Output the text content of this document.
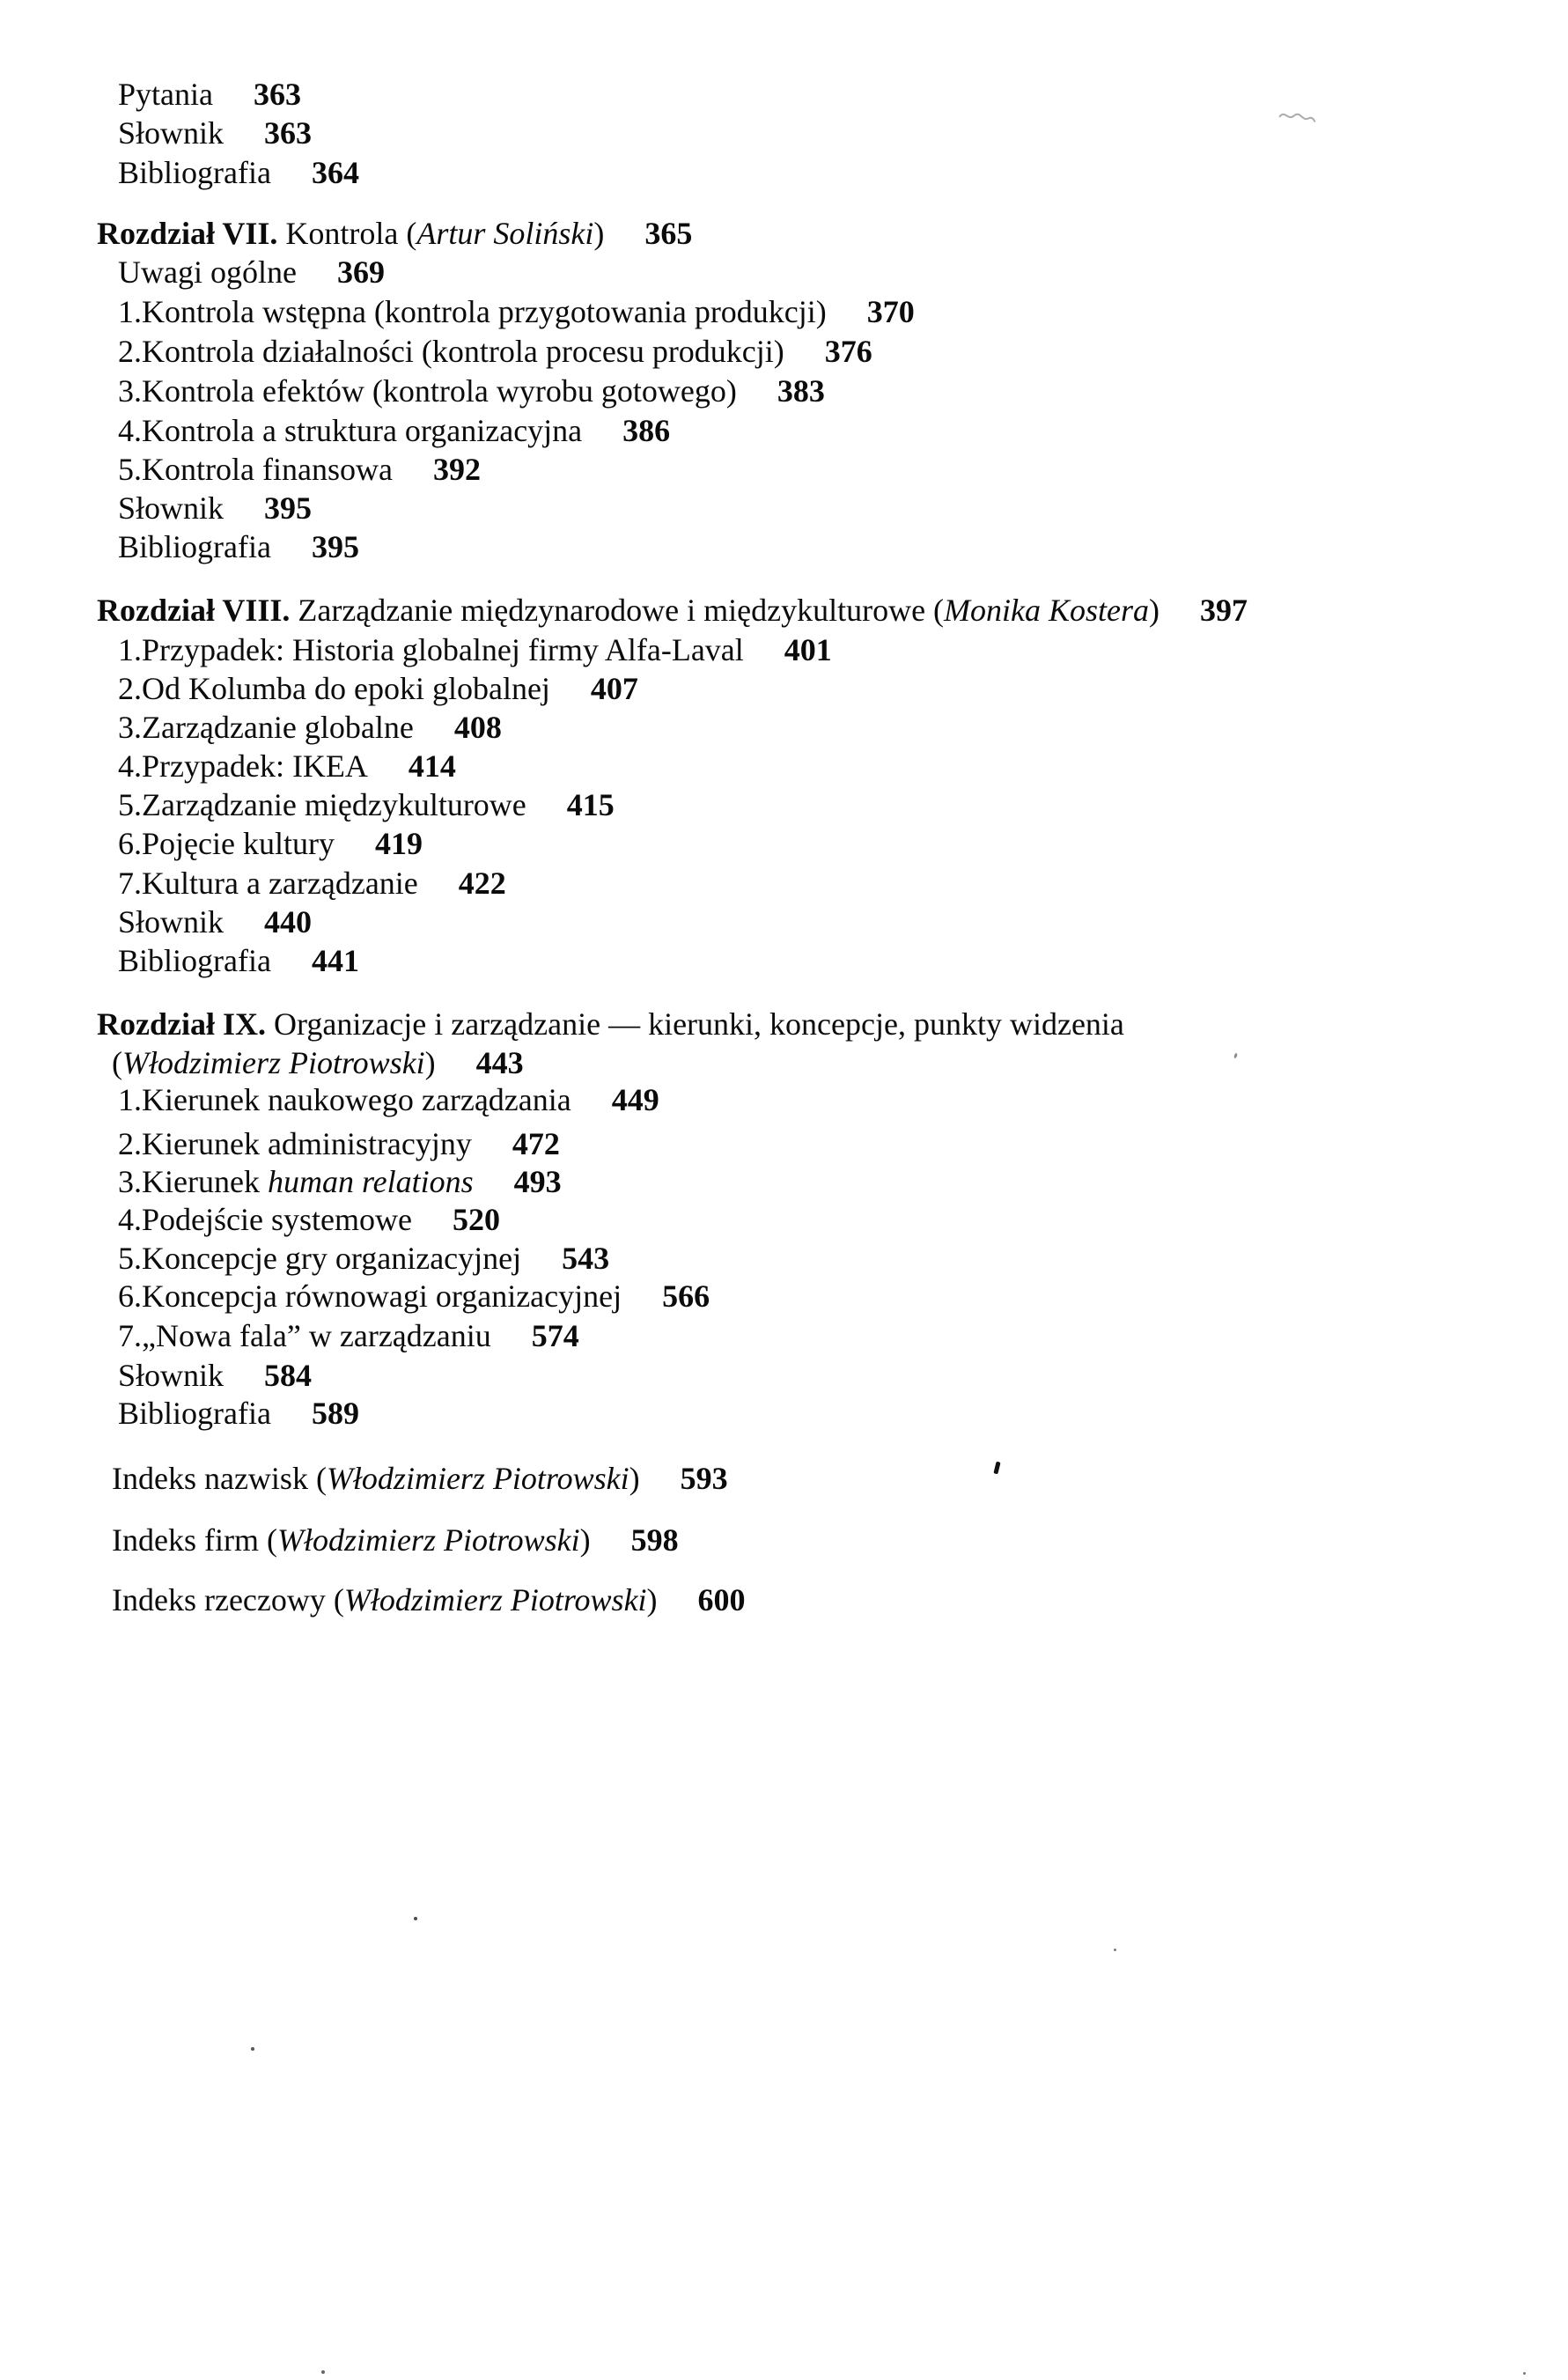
Pytania 363
Słownik 363
Bibliografia 364
Rozdział VII. Kontrola (Artur Soliński) 365
Uwagi ogólne 369
1.Kontrola wstępna (kontrola przygotowania produkcji) 370
2.Kontrola działalności (kontrola procesu produkcji) 376
3.Kontrola efektów (kontrola wyrobu gotowego) 383
4.Kontrola a struktura organizacyjna 386
5.Kontrola finansowa 392
Słownik 395
Bibliografia 395
Rozdział VIII. Zarządzanie międzynarodowe i międzykulturowe (Monika Kostera) 397
1.Przypadek: Historia globalnej firmy Alfa-Laval 401
2.Od Kolumba do epoki globalnej 407
3.Zarządzanie globalne 408
4.Przypadek: IKEA 414
5.Zarządzanie międzykulturowe 415
6.Pojęcie kultury 419
7.Kultura a zarządzanie 422
Słownik 440
Bibliografia 441
Rozdział IX. Organizacje i zarządzanie — kierunki, koncepcje, punkty widzenia
(Włodzimierz Piotrowski) 443
1.Kierunek naukowego zarządzania 449
2.Kierunek administracyjny 472
3.Kierunek human relations 493
4.Podejście systemowe 520
5.Koncepcje gry organizacyjnej 543
6.Koncepcja równowagi organizacyjnej 566
7.„Nowa fala” w zarządzaniu 574
Słownik 584
Bibliografia 589
Indeks nazwisk (Włodzimierz Piotrowski) 593
Indeks firm (Włodzimierz Piotrowski) 598
Indeks rzeczowy (Włodzimierz Piotrowski) 600
